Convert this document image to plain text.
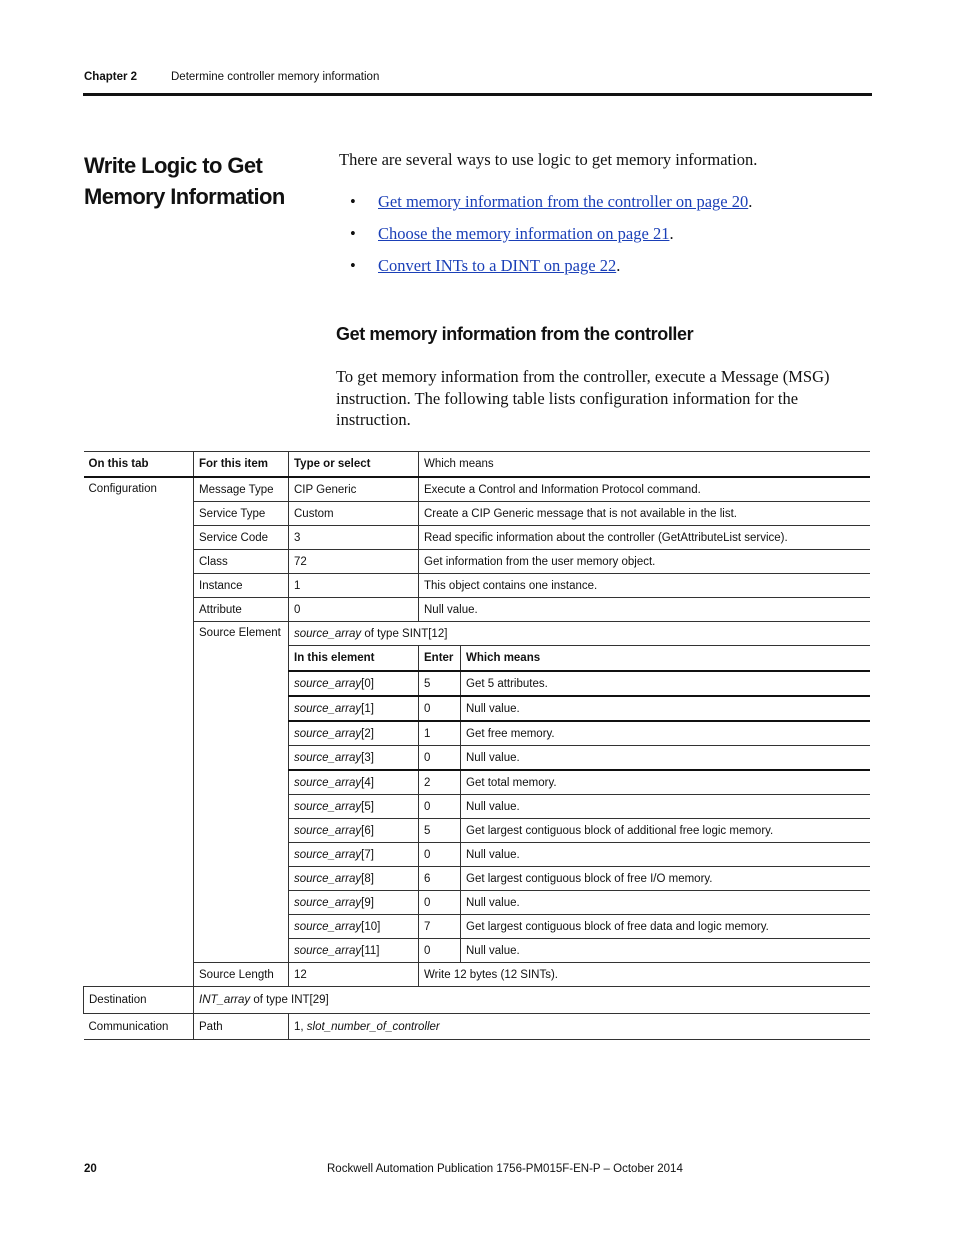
Chapter 2	Determine controller memory information
Write Logic to Get Memory Information
There are several ways to use logic to get memory information.
• Get memory information from the controller on page 20.
• Choose the memory information on page 21.
• Convert INTs to a DINT on page 22.
Get memory information from the controller
To get memory information from the controller, execute a Message (MSG) instruction. The following table lists configuration information for the instruction.
On this tab	For this item	Type or select	Which means	
Configuration	Message Type	CIP Generic	Execute a Control and Information Protocol command.	
	Service Type	Custom	Create a CIP Generic message that is not available in the list.	
	Service Code	3	Read specific information about the controller (GetAttributeList service).	
	Class	72	Get information from the user memory object.	
	Instance	1	This object contains one instance.	
	Attribute	0	Null value.	
	Source Element	source_array of type SINT[12]		
		In this element	Enter	Which means
		source_array[0]	5	Get 5 attributes.
		source_array[1]	0	Null value.
		source_array[2]	1	Get free memory.
		source_array[3]	0	Null value.
		source_array[4]	2	Get total memory.
		source_array[5]	0	Null value.
		source_array[6]	5	Get largest contiguous block of additional free logic memory.
		source_array[7]	0	Null value.
		source_array[8]	6	Get largest contiguous block of free I/O memory.
		source_array[9]	0	Null value.
		source_array[10]	7	Get largest contiguous block of free data and logic memory.
		source_array[11]	0	Null value.
	Source Length	12	Write 12 bytes (12 SINTs).	
Destination	INT_array of type INT[29]			
Communication	Path	1, slot_number_of_controller		
20	Rockwell Automation Publication 1756-PM015F-EN-P – October 2014
